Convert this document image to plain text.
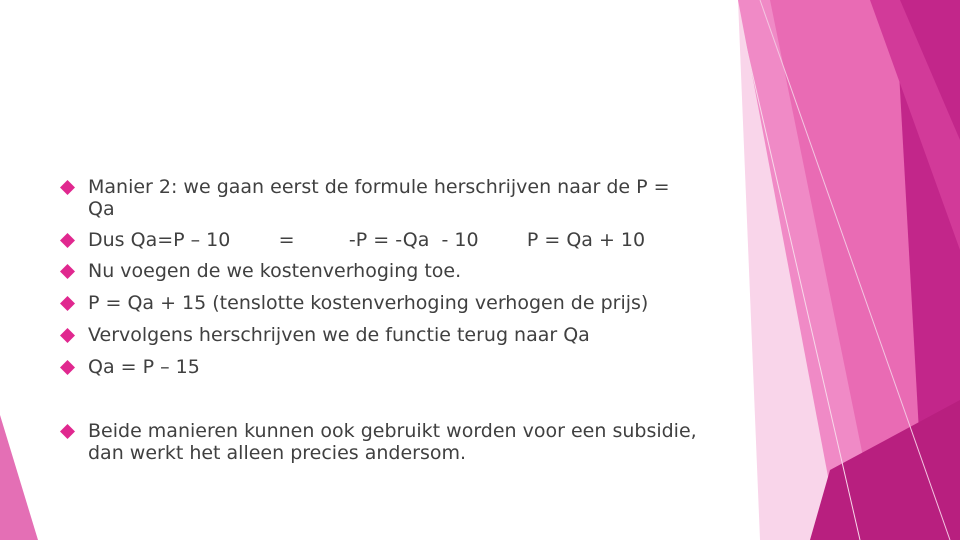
Manier 2: we gaan eerst de formule herschrijven naar de P = Qa
Dus Qa=P – 10        =         -P = -Qa  - 10        P = Qa + 10
Nu voegen de we kostenverhoging toe.
P = Qa + 15 (tenslotte kostenverhoging verhogen de prijs)
Vervolgens herschrijven we de functie terug naar Qa
Qa = P – 15
Beide manieren kunnen ook gebruikt worden voor een subsidie, dan werkt het alleen precies andersom.
